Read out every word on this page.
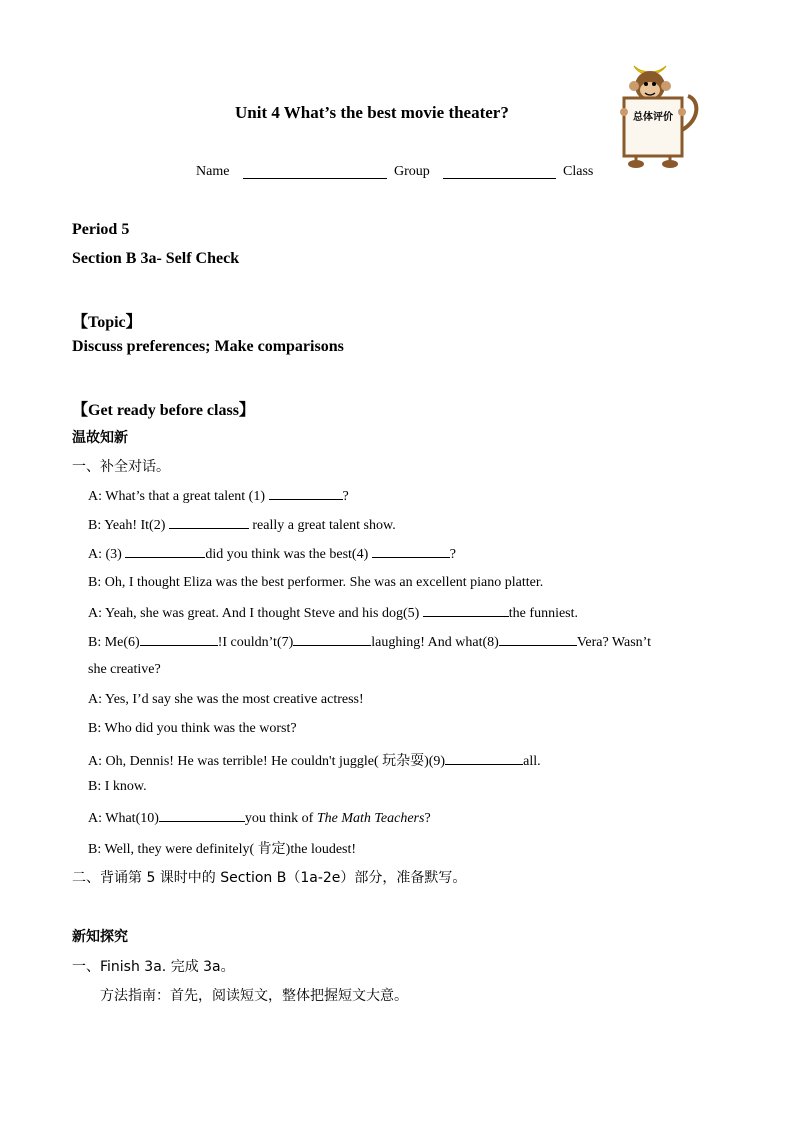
Unit 4 What’s the best movie theater?
Name	Group	Class
总体评价
Period 5
Section B 3a- Self Check
【Topic】
Discuss preferences; Make comparisons
【Get ready before class】
温故知新
一、补全对话。
A: What’s that a great talent (1)	?
B: Yeah! It(2)	really a great talent show.
A: (3)	did you think was the best(4)	?
B: Oh, I thought Eliza was the best performer. She was an excellent piano platter.
A: Yeah, she was great. And I thought Steve and his dog(5)	the funniest.
B: Me(6)	!I couldn’t(7)	laughing! And what(8)	Vera? Wasn’t
she creative?
A: Yes, I’d say she was the most creative actress!
B: Who did you think was the worst?
A: Oh, Dennis! He was terrible! He couldn't juggle( 玩杂耍)(9)	all.
B: I know.
A: What(10)	you think of The Math Teachers?
B: Well, they were definitely( 肯定)the loudest!
二、背诵第 5 课时中的 Section B（1a-2e）部分，准备默写。
新知探究
一、Finish 3a. 完成 3a。
方法指南：首先，阅读短文，整体把握短文大意。
